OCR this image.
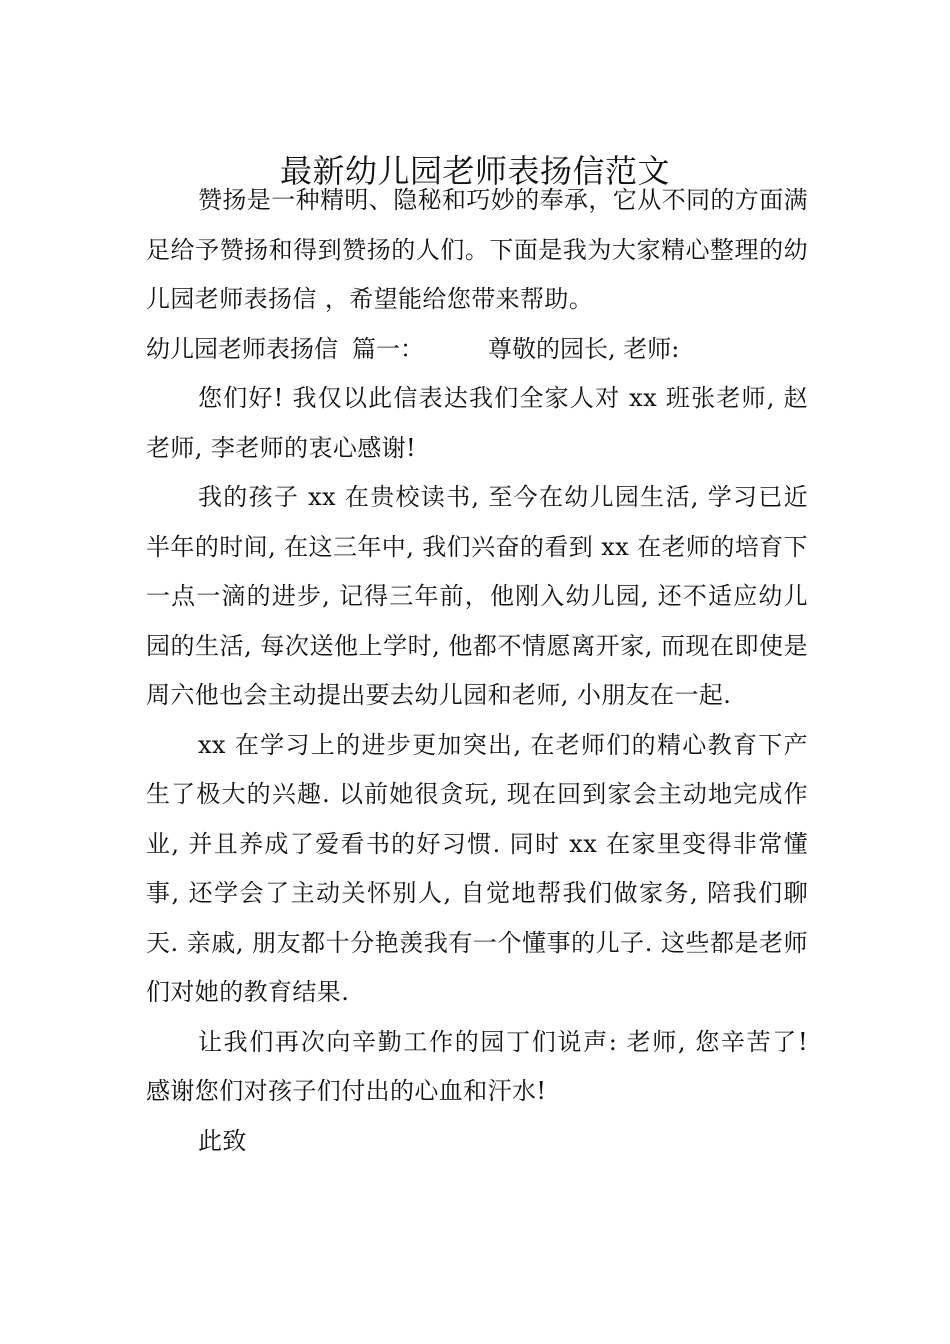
最新幼儿园老师表扬信范文

赞扬是一种精明、隐秘和巧妙的奉承，它从不同的方面满足给予赞扬和得到赞扬的人们。下面是我为大家精心整理的幼儿园老师表扬信 ，希望能给您带来帮助。

幼儿园老师表扬信 篇一：	尊敬的园长, 老师:

您们好! 我仅以此信表达我们全家人对 xx 班张老师, 赵老师, 李老师的衷心感谢!

我的孩子 xx 在贵校读书, 至今在幼儿园生活, 学习已近半年的时间, 在这三年中, 我们兴奋的看到 xx 在老师的培育下一点一滴的进步, 记得三年前，他刚入幼儿园, 还不适应幼儿园的生活, 每次送他上学时, 他都不情愿离开家, 而现在即使是周六他也会主动提出要去幼儿园和老师, 小朋友在一起.

xx 在学习上的进步更加突出, 在老师们的精心教育下产生了极大的兴趣. 以前她很贪玩, 现在回到家会主动地完成作业, 并且养成了爱看书的好习惯. 同时 xx 在家里变得非常懂事, 还学会了主动关怀别人, 自觉地帮我们做家务, 陪我们聊天. 亲戚, 朋友都十分艳羡我有一个懂事的儿子. 这些都是老师们对她的教育结果.

让我们再次向辛勤工作的园丁们说声: 老师, 您辛苦了! 感谢您们对孩子们付出的心血和汗水!

此致
